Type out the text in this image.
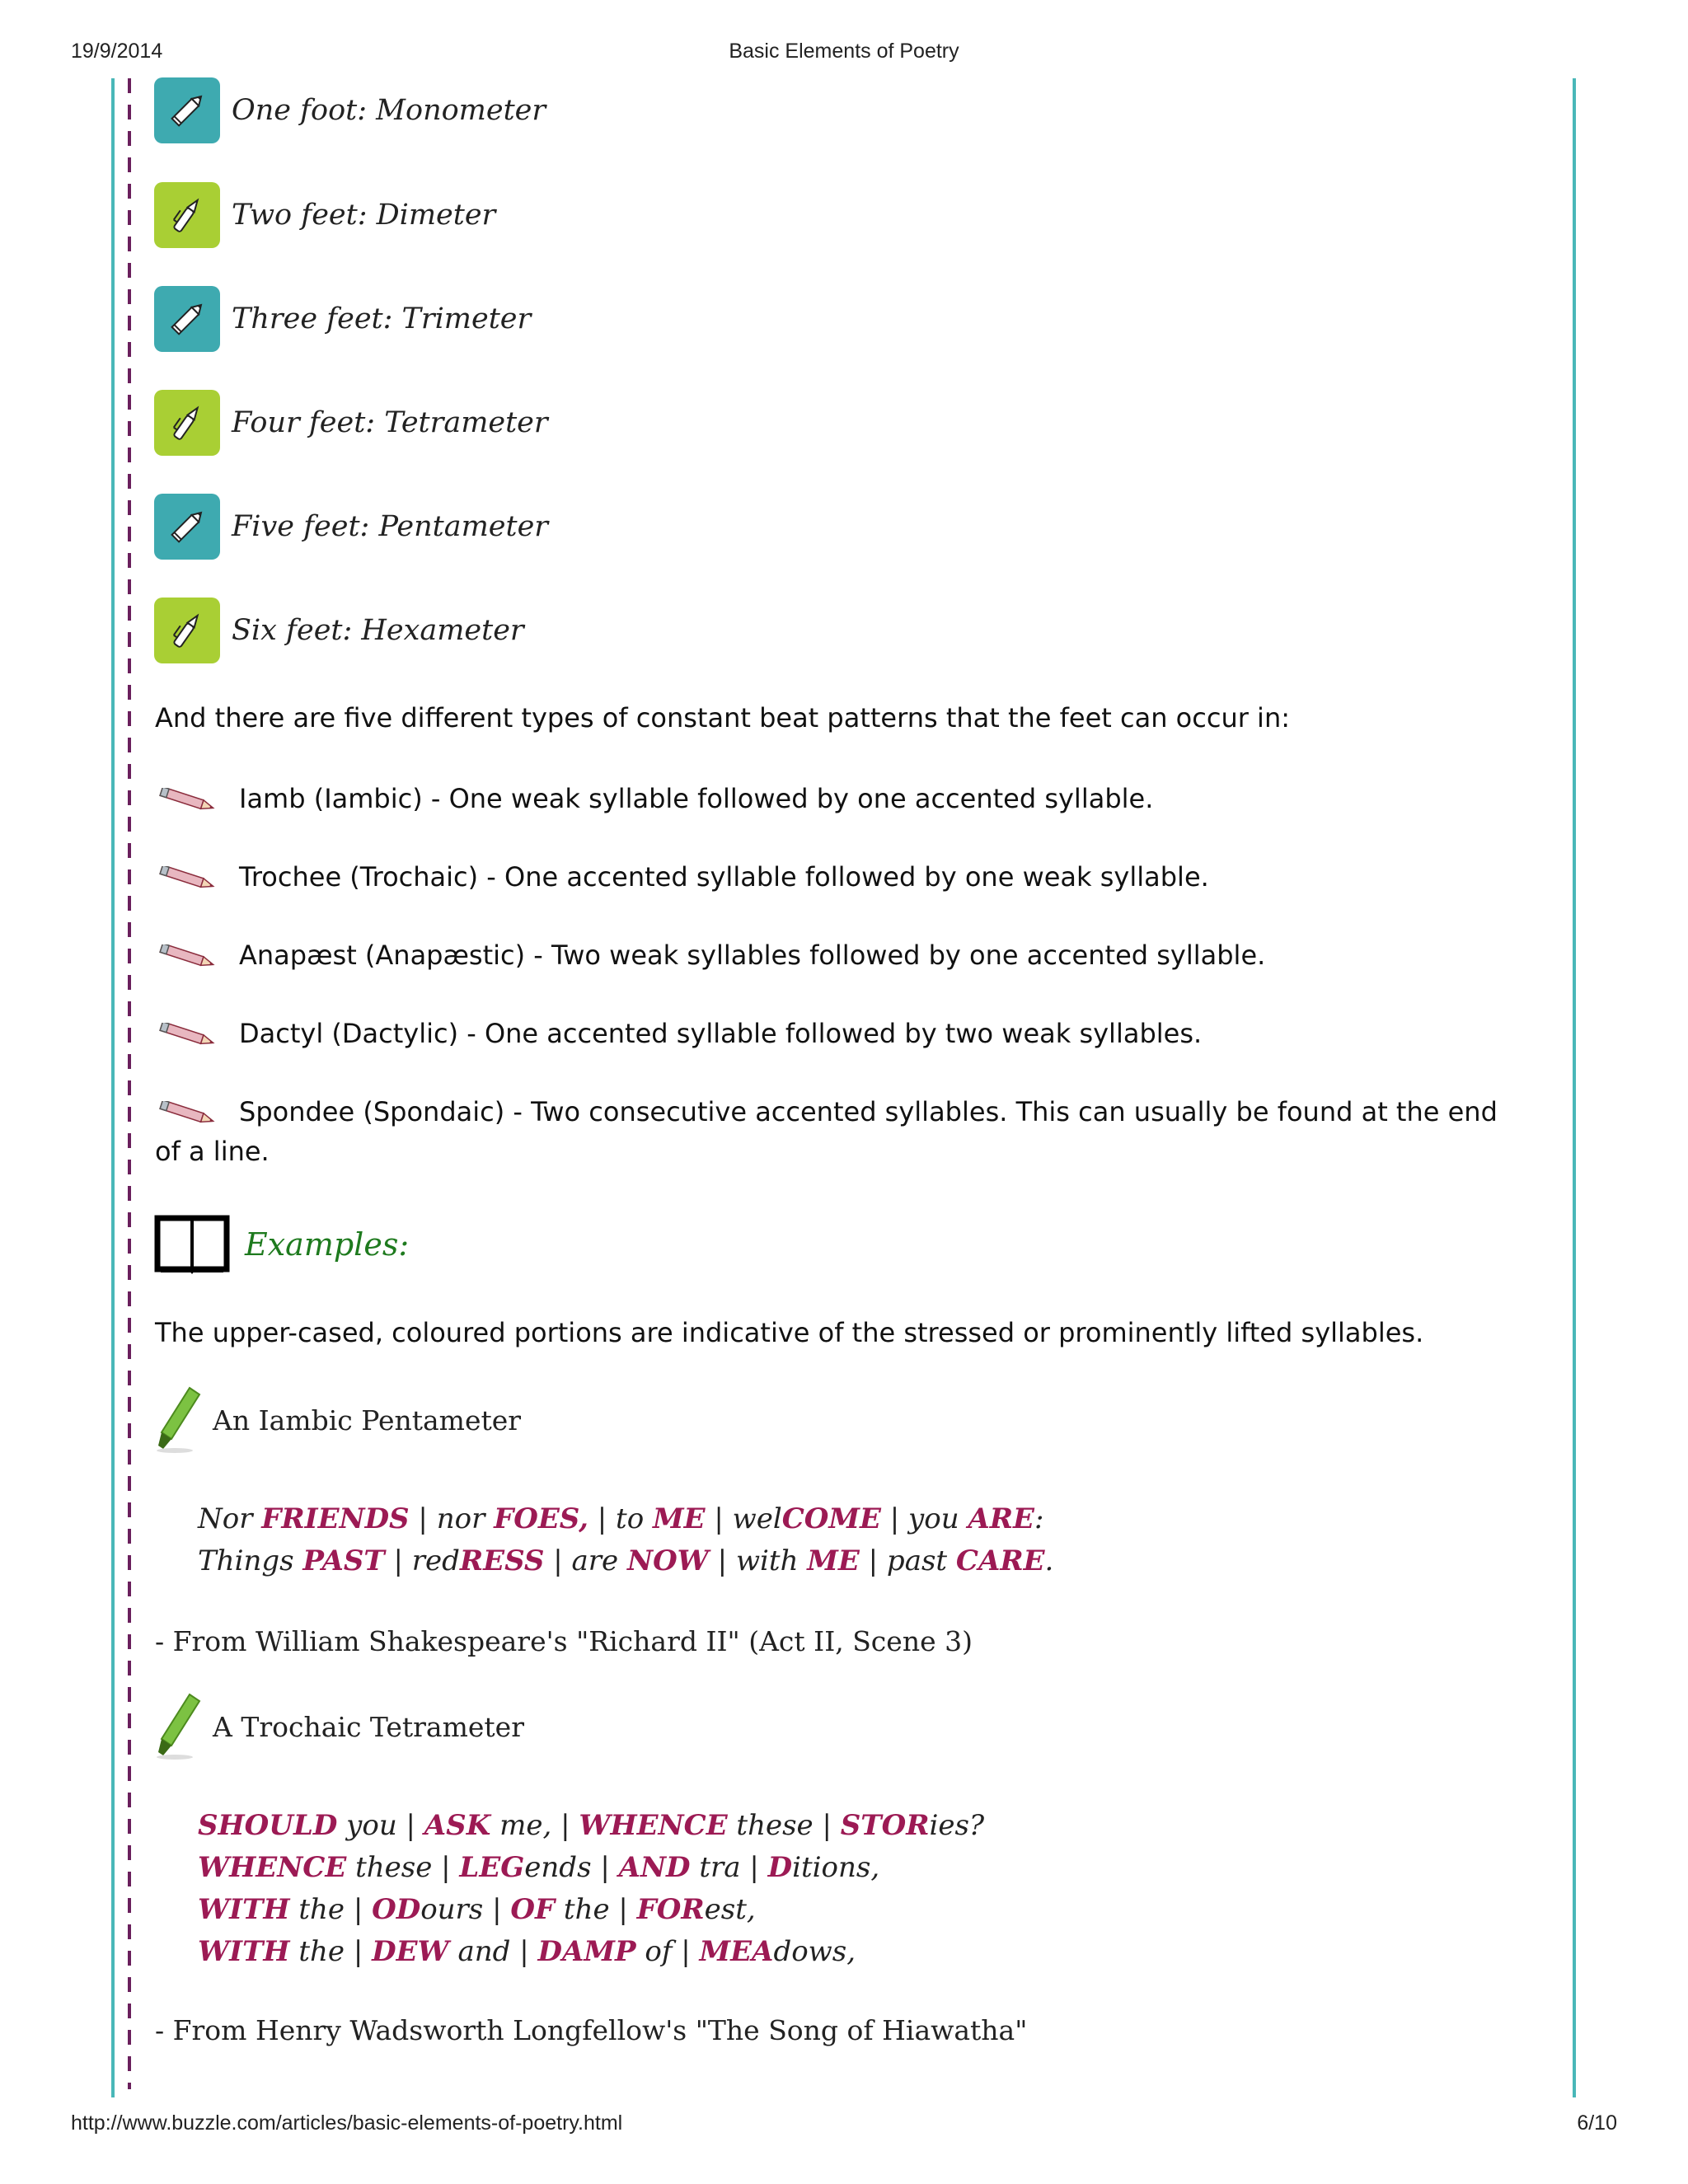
19/9/2014	Basic Elements of Poetry
http://www.buzzle.com/articles/basic-elements-of-poetry.html	6/10
One foot: Monometer
Two feet: Dimeter
Three feet: Trimeter
Four feet: Tetrameter
Five feet: Pentameter
Six feet: Hexameter
And there are five different types of constant beat patterns that the feet can occur in:
Iamb (Iambic) - One weak syllable followed by one accented syllable.
Trochee (Trochaic) - One accented syllable followed by one weak syllable.
Anapæst (Anapæstic) - Two weak syllables followed by one accented syllable.
Dactyl (Dactylic) - One accented syllable followed by two weak syllables.
Spondee (Spondaic) - Two consecutive accented syllables. This can usually be found at the end of a line.
Examples:
The upper-cased, coloured portions are indicative of the stressed or prominently lifted syllables.
An Iambic Pentameter
Nor FRIENDS | nor FOES, | to ME | welCOME | you ARE:
Things PAST | redRESS | are NOW | with ME | past CARE.
- From William Shakespeare's "Richard II" (Act II, Scene 3)
A Trochaic Tetrameter
SHOULD you | ASK me, | WHENCE these | STORies?
WHENCE these | LEGends | AND tra | Ditions,
WITH the | ODours | OF the | FORest,
WITH the | DEW and | DAMP of | MEAdows,
- From Henry Wadsworth Longfellow's "The Song of Hiawatha"
